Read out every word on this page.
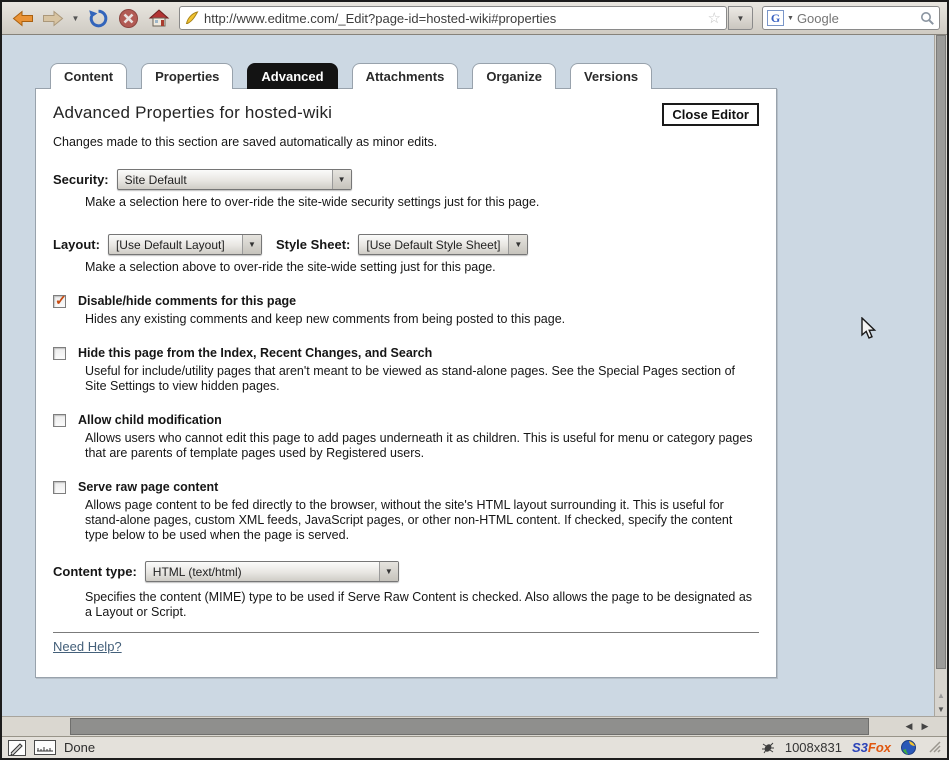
▼
http://www.editme.com/_Edit?page-id=hosted-wiki#properties
☆ ▼	G
▼
Google
Content	Properties	Advanced	Attachments	Organize	Versions
Advanced Properties for hosted-wiki	Close Editor
Changes made to this section are saved automatically as minor edits.
Security:	Site Default
▼
Make a selection here to over-ride the site-wide security settings just for this page.
Layout:	[Use Default Layout] ▼	Style Sheet:	[Use Default Style Sheet]
▼
Make a selection above to over-ride the site-wide setting just for this page.
✓
Disable/hide comments for this page
Hides any existing comments and keep new comments from being posted to this page.
Hide this page from the Index, Recent Changes, and Search
Useful for include/utility pages that aren't meant to be viewed as stand-alone pages. See the Special Pages section of Site Settings to view hidden pages.
Allow child modification
Allows users who cannot edit this page to add pages underneath it as children. This is useful for menu or category pages that are parents of template pages used by Registered users.
Serve raw page content
Allows page content to be fed directly to the browser, without the site's HTML layout surrounding it. This is useful for stand-alone pages, custom XML feeds, JavaScript pages, or other non-HTML content. If checked, specify the content type below to be used when the page is served.
Content type:	HTML (text/html)
▼
Specifies the content (MIME) type to be used if Serve Raw Content is checked. Also allows the page to be designated as a Layout or Script.
Need Help?
▲
▼
◀	▶
Done	1008x831 S3Fox
